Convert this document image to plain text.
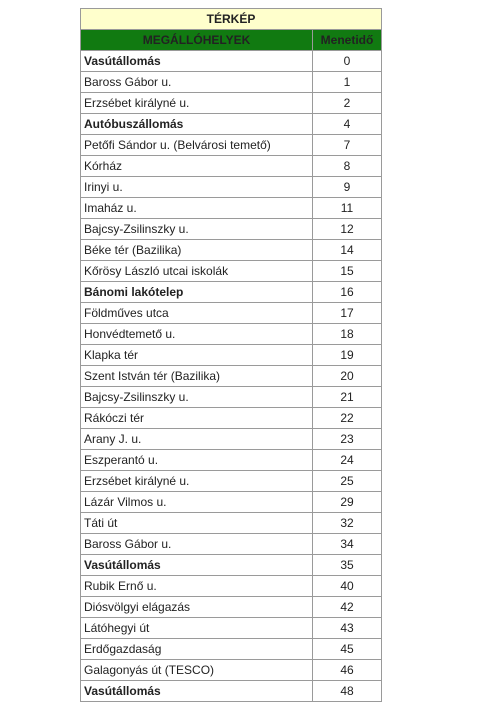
TÉRKÉP	
MEGÁLLÓHELYEK	Menetidő
Vasútállomás	0
Baross Gábor u.	1
Erzsébet királyné u.	2
Autóbuszállomás	4
Petőfi Sándor u. (Belvárosi temető)	7
Kórház	8
Irinyi u.	9
Imaház u.	11
Bajcsy-Zsilinszky u.	12
Béke tér (Bazilika)	14
Kőrösy László utcai iskolák	15
Bánomi lakótelep	16
Földműves utca	17
Honvédtemető u.	18
Klapka tér	19
Szent István tér (Bazilika)	20
Bajcsy-Zsilinszky u.	21
Rákóczi tér	22
Arany J. u.	23
Eszperantó u.	24
Erzsébet királyné u.	25
Lázár Vilmos u.	29
Táti út	32
Baross Gábor u.	34
Vasútállomás	35
Rubik Ernő u.	40
Diósvölgyi elágazás	42
Látóhegyi út	43
Erdőgazdaság	45
Galagonyás út (TESCO)	46
Vasútállomás	48
